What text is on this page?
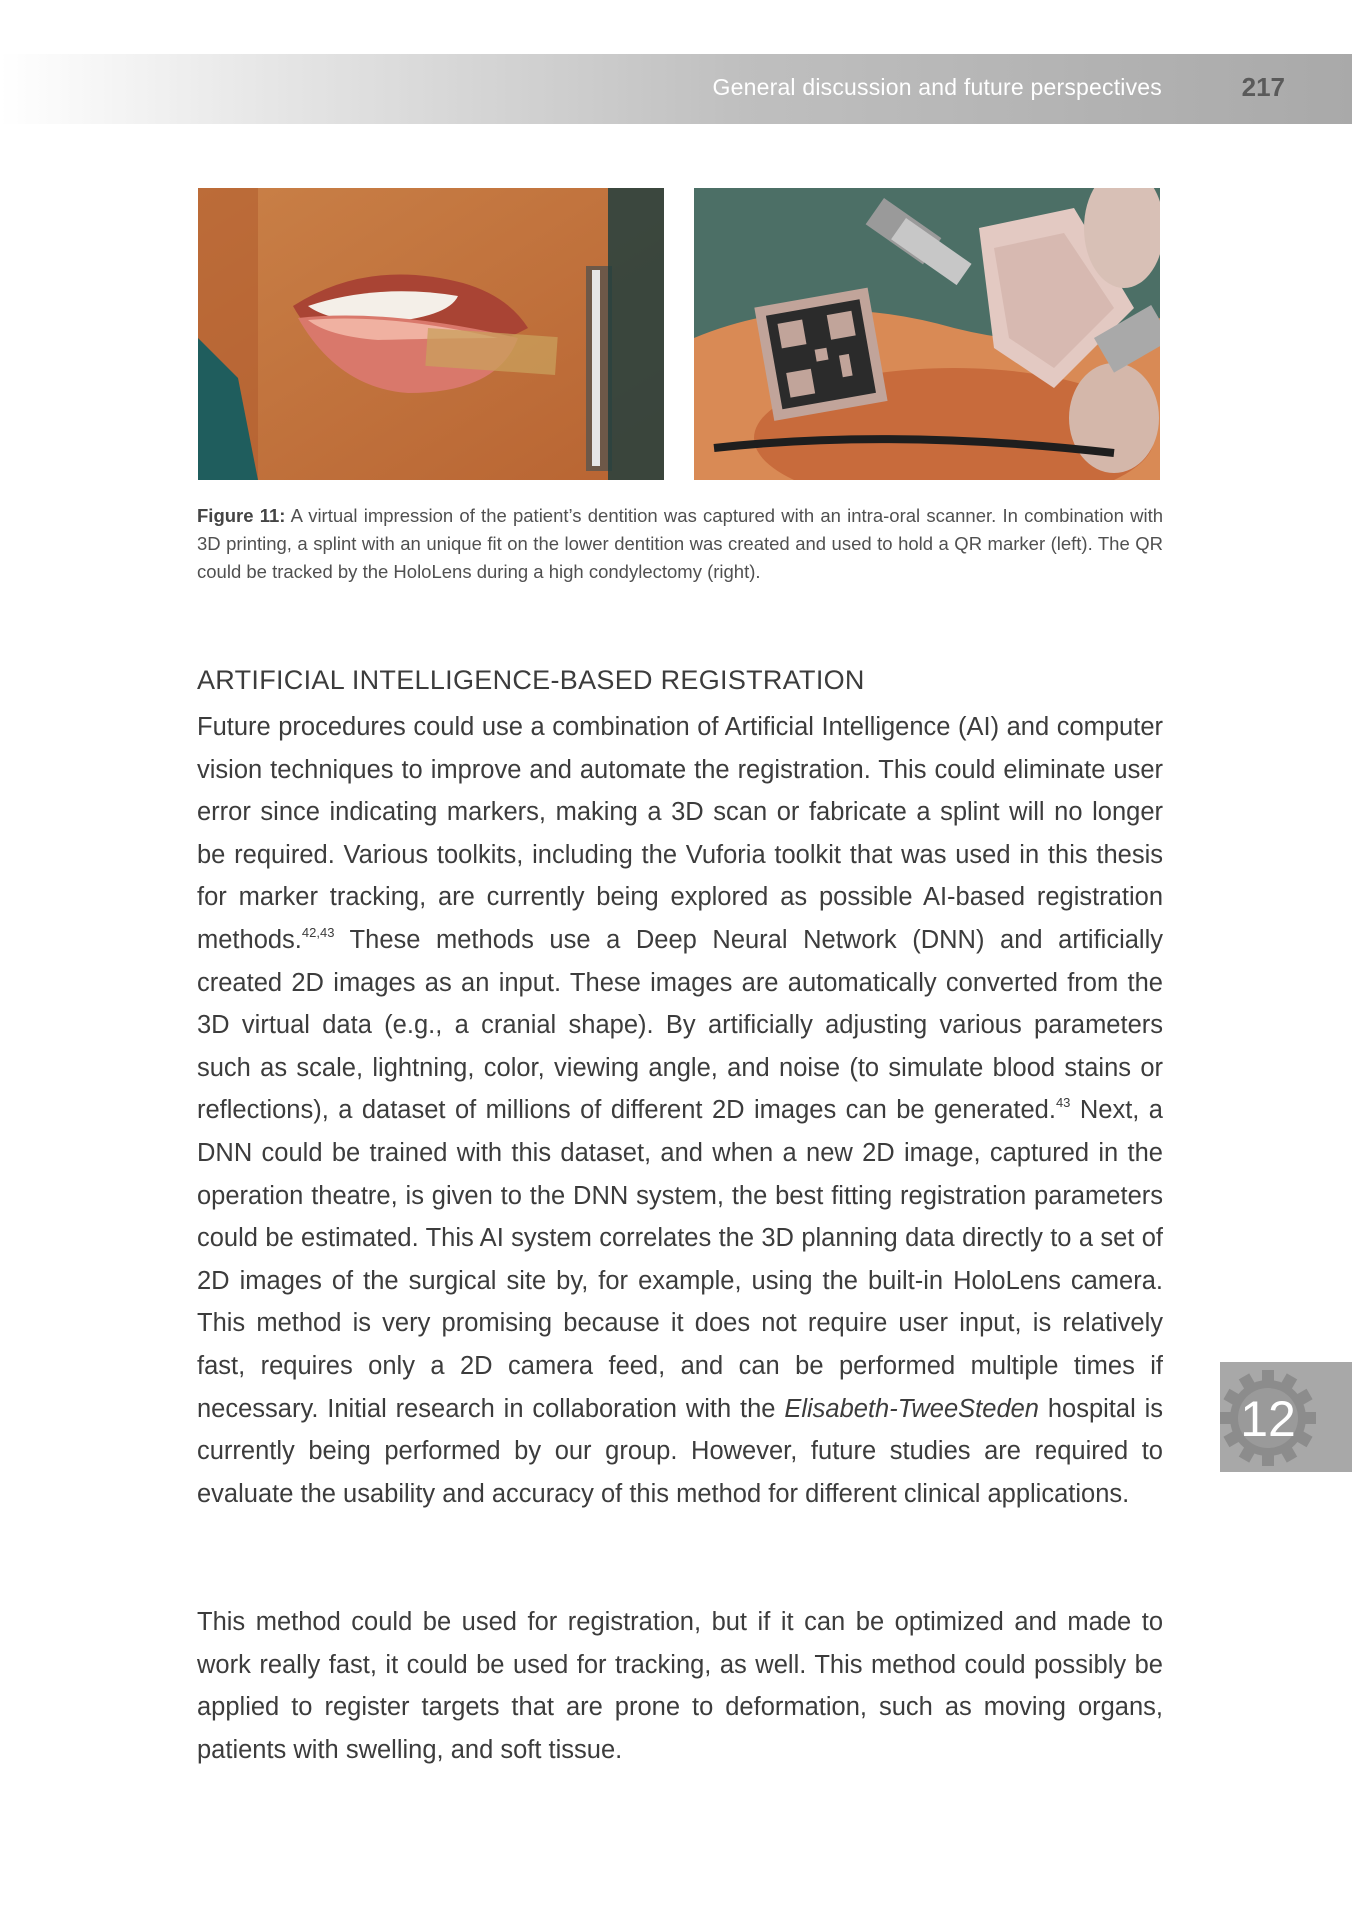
General discussion and future perspectives	217
Figure 11: A virtual impression of the patient’s dentition was captured with an intra-oral scanner. In combination with 3D printing, a splint with an unique fit on the lower dentition was created and used to hold a QR marker (left). The QR could be tracked by the HoloLens during a high condylectomy (right).
ARTIFICIAL INTELLIGENCE-BASED REGISTRATION

Future procedures could use a combination of Artificial Intelligence (AI) and computer vision techniques to improve and automate the registration. This could eliminate user error since indicating markers, making a 3D scan or fabricate a splint will no longer be required. Various toolkits, including the Vuforia toolkit that was used in this thesis for marker tracking, are currently being explored as possible AI-based registration methods.$^{42,43}$ These methods use a Deep Neural Network (DNN) and artificially created 2D images as an input. These images are automatically converted from the 3D virtual data (e.g., a cranial shape). By artificially adjusting various parameters such as scale, lightning, color, viewing angle, and noise (to simulate blood stains or reflections), a dataset of millions of different 2D images can be generated.$^{43}$ Next, a DNN could be trained with this dataset, and when a new 2D image, captured in the operation theatre, is given to the DNN system, the best fitting registration parameters could be estimated. This AI system correlates the 3D planning data directly to a set of 2D images of the surgical site by, for example, using the built-in HoloLens camera. This method is very promising because it does not require user input, is relatively fast, requires only a 2D camera feed, and can be performed multiple times if necessary. Initial research in collaboration with the Elisabeth-TweeSteden hospital is currently being performed by our group. However, future studies are required to evaluate the usability and accuracy of this method for different clinical applications.

This method could be used for registration, but if it can be optimized and made to work really fast, it could be used for tracking, as well. This method could possibly be applied to register targets that are prone to deformation, such as moving organs, patients with swelling, and soft tissue.

12
